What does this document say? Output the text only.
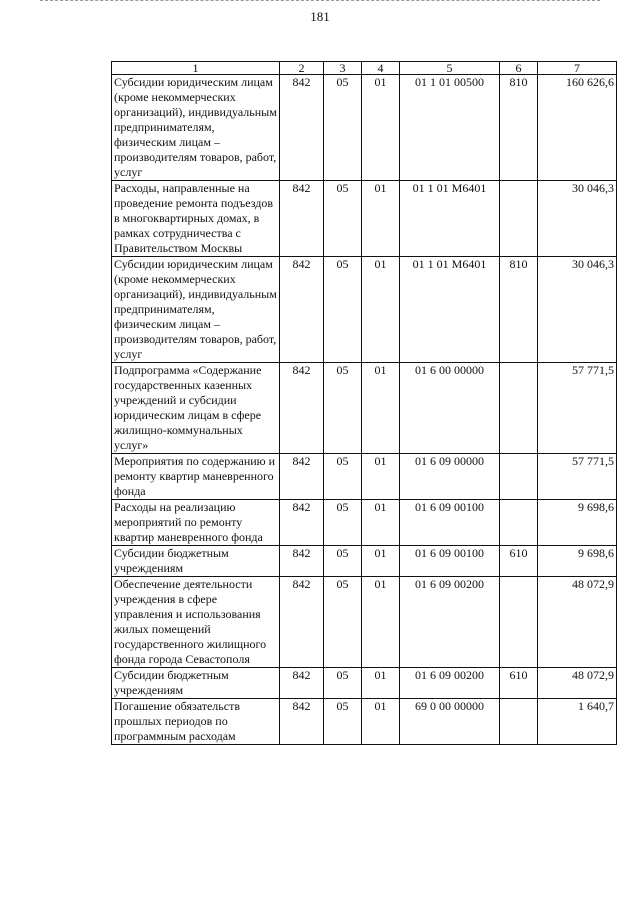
181
1	2	3	4	5	6	7
Субсидии юридическим лицам (кроме некоммерческих организаций), индивидуальным предпринимателям, физическим лицам – производителям товаров, работ, услуг	842	05	01	01 1 01 00500	810	160 626,6
Расходы, направленные на проведение ремонта подъездов в многоквартирных домах, в рамках сотрудничества с Правительством Москвы	842	05	01	01 1 01 М6401		30 046,3
Субсидии юридическим лицам (кроме некоммерческих организаций), индивидуальным предпринимателям, физическим лицам – производителям товаров, работ, услуг	842	05	01	01 1 01 М6401	810	30 046,3
Подпрограмма «Содержание государственных казенных учреждений и субсидии юридическим лицам в сфере жилищно-коммунальных услуг»	842	05	01	01 6 00 00000		57 771,5
Мероприятия по содержанию и ремонту квартир маневренного фонда	842	05	01	01 6 09 00000		57 771,5
Расходы на реализацию мероприятий по ремонту квартир маневренного фонда	842	05	01	01 6 09 00100		9 698,6
Субсидии бюджетным учреждениям	842	05	01	01 6 09 00100	610	9 698,6
Обеспечение деятельности учреждения в сфере управления и использования жилых помещений государственного жилищного фонда города Севастополя	842	05	01	01 6 09 00200		48 072,9
Субсидии бюджетным учреждениям	842	05	01	01 6 09 00200	610	48 072,9
Погашение обязательств прошлых периодов по программным расходам	842	05	01	69 0 00 00000		1 640,7
